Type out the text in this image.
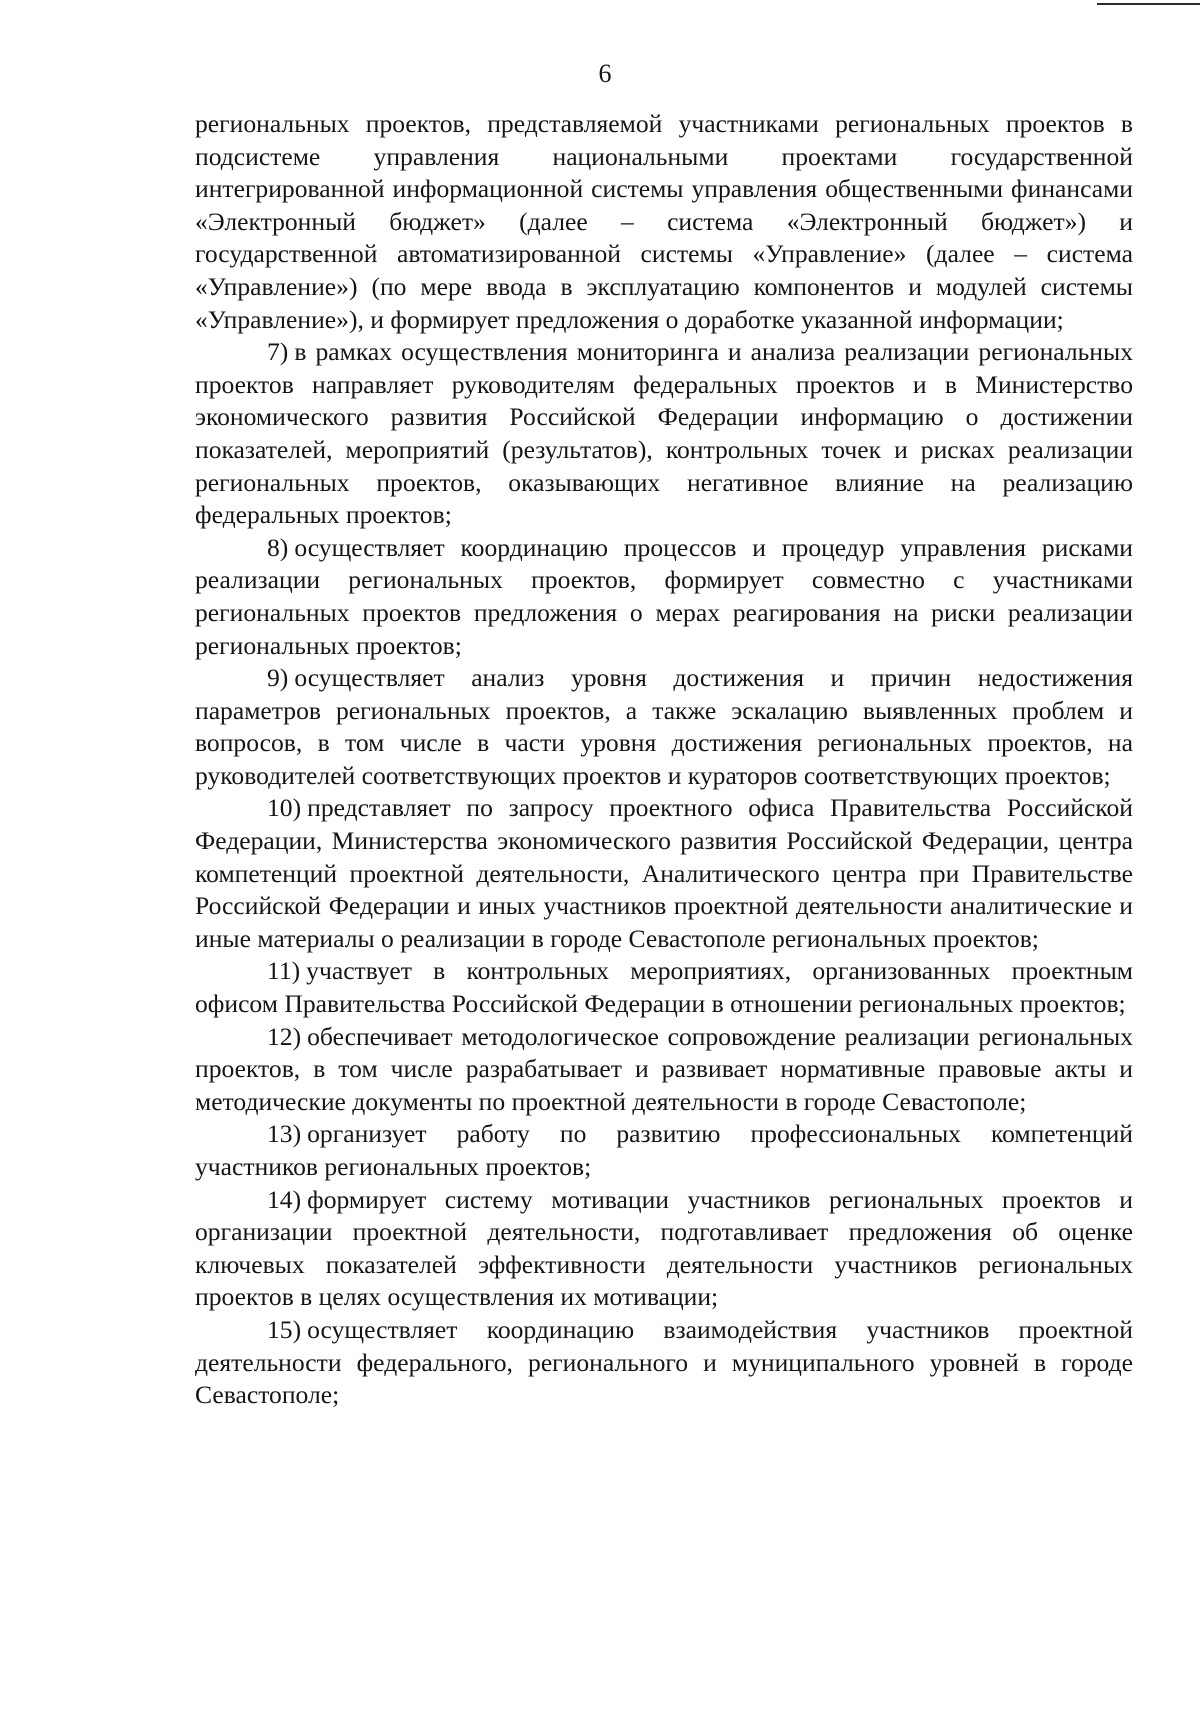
6

региональных проектов, представляемой участниками региональных проектов в подсистеме управления национальными проектами государственной интегрированной информационной системы управления общественными финансами «Электронный бюджет» (далее – система «Электронный бюджет») и государственной автоматизированной системы «Управление» (далее – система «Управление») (по мере ввода в эксплуатацию компонентов и модулей системы «Управление»), и формирует предложения о доработке указанной информации;

7) в рамках осуществления мониторинга и анализа реализации региональных проектов направляет руководителям федеральных проектов и в Министерство экономического развития Российской Федерации информацию о достижении показателей, мероприятий (результатов), контрольных точек и рисках реализации региональных проектов, оказывающих негативное влияние на реализацию федеральных проектов;

8) осуществляет координацию процессов и процедур управления рисками реализации региональных проектов, формирует совместно с участниками региональных проектов предложения о мерах реагирования на риски реализации региональных проектов;

9) осуществляет анализ уровня достижения и причин недостижения параметров региональных проектов, а также эскалацию выявленных проблем и вопросов, в том числе в части уровня достижения региональных проектов, на руководителей соответствующих проектов и кураторов соответствующих проектов;

10) представляет по запросу проектного офиса Правительства Российской Федерации, Министерства экономического развития Российской Федерации, центра компетенций проектной деятельности, Аналитического центра при Правительстве Российской Федерации и иных участников проектной деятельности аналитические и иные материалы о реализации в городе Севастополе региональных проектов;

11) участвует в контрольных мероприятиях, организованных проектным офисом Правительства Российской Федерации в отношении региональных проектов;

12) обеспечивает методологическое сопровождение реализации региональных проектов, в том числе разрабатывает и развивает нормативные правовые акты и методические документы по проектной деятельности в городе Севастополе;

13) организует работу по развитию профессиональных компетенций участников региональных проектов;

14) формирует систему мотивации участников региональных проектов и организации проектной деятельности, подготавливает предложения об оценке ключевых показателей эффективности деятельности участников региональных проектов в целях осуществления их мотивации;

15) осуществляет координацию взаимодействия участников проектной деятельности федерального, регионального и муниципального уровней в городе Севастополе;
